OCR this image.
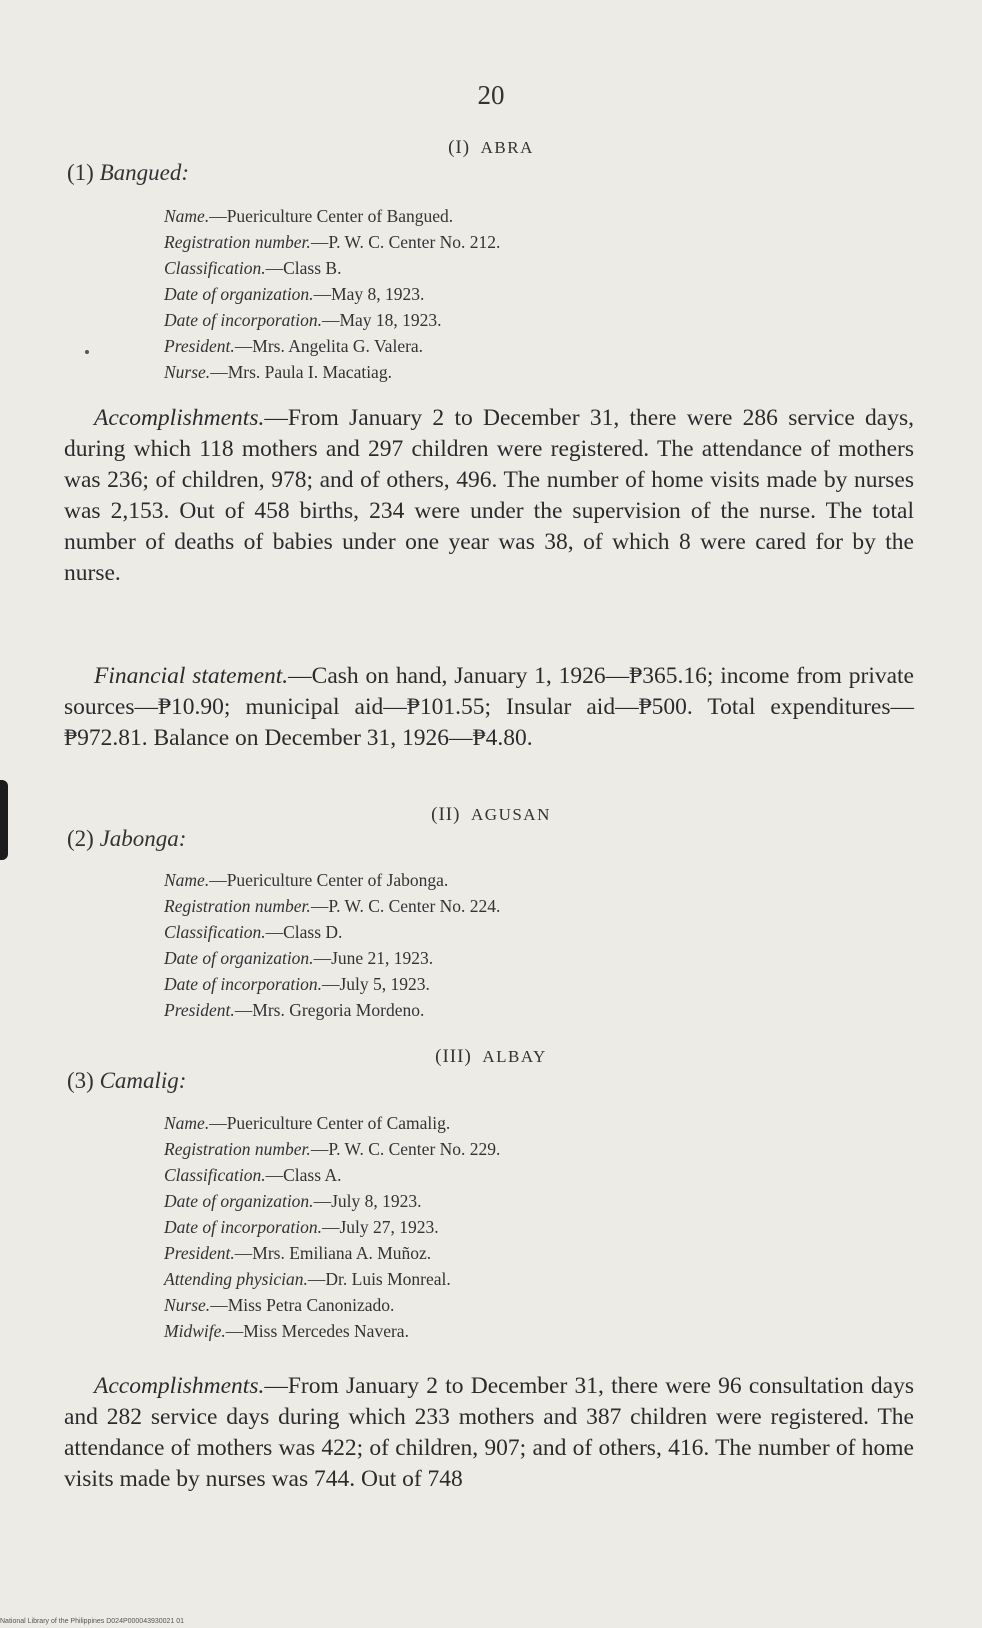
20
(I) ABRA
(1) Bangued:
Name.—Puericulture Center of Bangued.
Registration number.—P. W. C. Center No. 212.
Classification.—Class B.
Date of organization.—May 8, 1923.
Date of incorporation.—May 18, 1923.
President.—Mrs. Angelita G. Valera.
Nurse.—Mrs. Paula I. Macatiag.
Accomplishments.—From January 2 to December 31, there were 286 service days, during which 118 mothers and 297 children were registered. The attendance of mothers was 236; of children, 978; and of others, 496. The number of home visits made by nurses was 2,153. Out of 458 births, 234 were under the supervision of the nurse. The total number of deaths of babies under one year was 38, of which 8 were cared for by the nurse.
Financial statement.—Cash on hand, January 1, 1926—₱365.16; income from private sources—₱10.90; municipal aid—₱101.55; Insular aid—₱500. Total expenditures—₱972.81. Balance on December 31, 1926—₱4.80.
(II) AGUSAN
(2) Jabonga:
Name.—Puericulture Center of Jabonga.
Registration number.—P. W. C. Center No. 224.
Classification.—Class D.
Date of organization.—June 21, 1923.
Date of incorporation.—July 5, 1923.
President.—Mrs. Gregoria Mordeno.
(III) ALBAY
(3) Camalig:
Name.—Puericulture Center of Camalig.
Registration number.—P. W. C. Center No. 229.
Classification.—Class A.
Date of organization.—July 8, 1923.
Date of incorporation.—July 27, 1923.
President.—Mrs. Emiliana A. Muñoz.
Attending physician.—Dr. Luis Monreal.
Nurse.—Miss Petra Canonizado.
Midwife.—Miss Mercedes Navera.
Accomplishments.—From January 2 to December 31, there were 96 consultation days and 282 service days during which 233 mothers and 387 children were registered. The attendance of mothers was 422; of children, 907; and of others, 416. The number of home visits made by nurses was 744. Out of 748
National Library of the Philippines D024P000043930021 01
